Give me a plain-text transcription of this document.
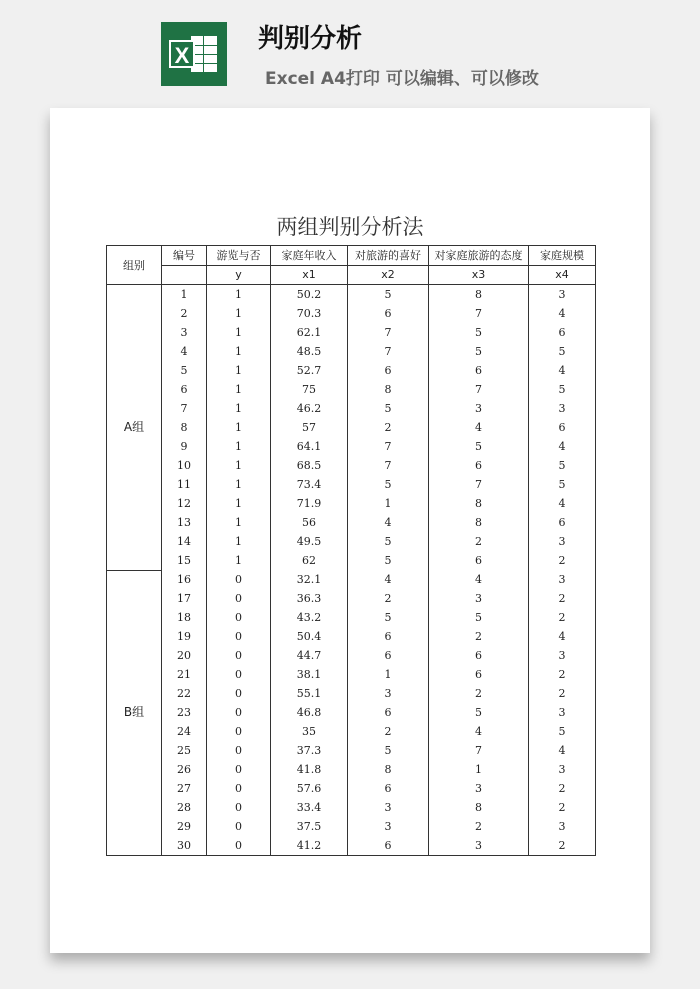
X
判别分析
Excel A4打印 可以编辑、可以修改
两组判别分析法
组别	编号	游览与否	家庭年收入	对旅游的喜好	对家庭旅游的态度	家庭规模
		y	x1	x2	x3	x4
A组	1	1	50.2	5	8	3
	2	1	70.3	6	7	4
	3	1	62.1	7	5	6
	4	1	48.5	7	5	5
	5	1	52.7	6	6	4
	6	1	75	8	7	5
	7	1	46.2	5	3	3
	8	1	57	2	4	6
	9	1	64.1	7	5	4
	10	1	68.5	7	6	5
	11	1	73.4	5	7	5
	12	1	71.9	1	8	4
	13	1	56	4	8	6
	14	1	49.5	5	2	3
	15	1	62	5	6	2
B组	16	0	32.1	4	4	3
	17	0	36.3	2	3	2
	18	0	43.2	5	5	2
	19	0	50.4	6	2	4
	20	0	44.7	6	6	3
	21	0	38.1	1	6	2
	22	0	55.1	3	2	2
	23	0	46.8	6	5	3
	24	0	35	2	4	5
	25	0	37.3	5	7	4
	26	0	41.8	8	1	3
	27	0	57.6	6	3	2
	28	0	33.4	3	8	2
	29	0	37.5	3	2	3
	30	0	41.2	6	3	2
